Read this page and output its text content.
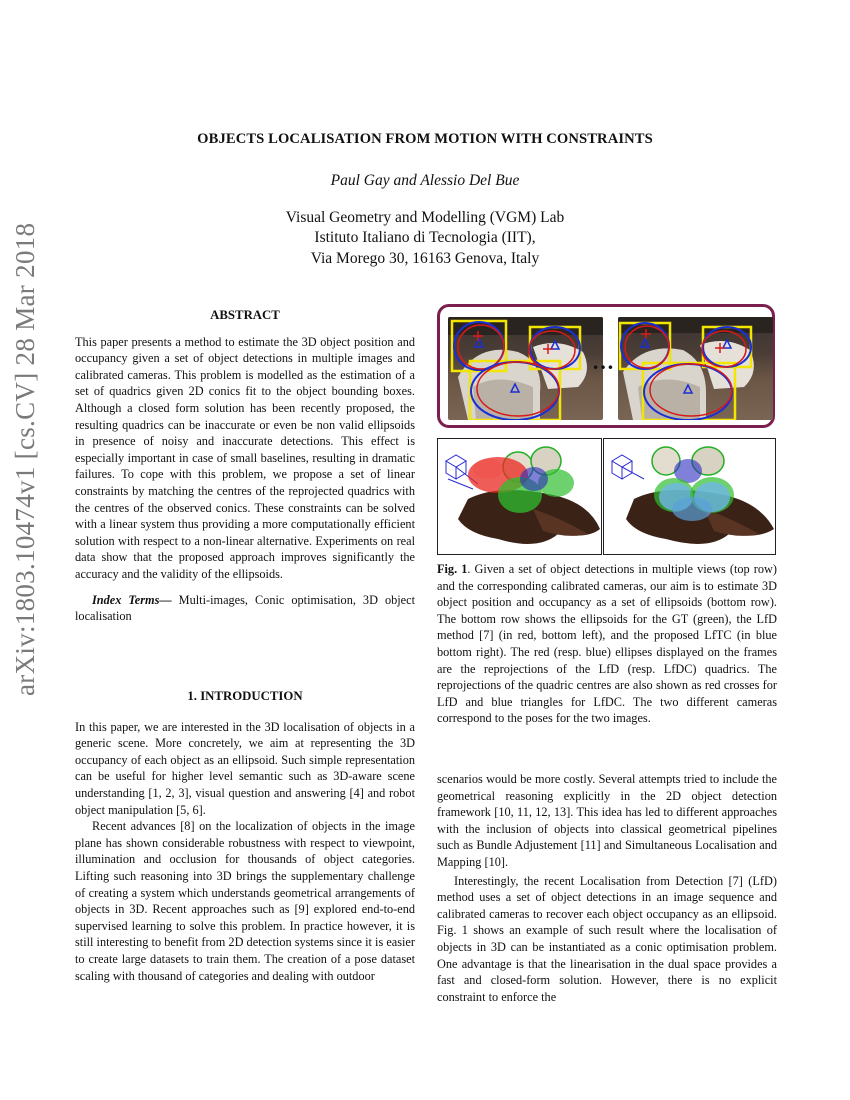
arXiv:1803.10474v1 [cs.CV] 28 Mar 2018
OBJECTS LOCALISATION FROM MOTION WITH CONSTRAINTS
Paul Gay and Alessio Del Bue
Visual Geometry and Modelling (VGM) Lab
Istituto Italiano di Tecnologia (IIT),
Via Morego 30, 16163 Genova, Italy
ABSTRACT

This paper presents a method to estimate the 3D object position and occupancy given a set of object detections in multiple images and calibrated cameras. This problem is modelled as the estimation of a set of quadrics given 2D conics fit to the object bounding boxes. Although a closed form solution has been recently proposed, the resulting quadrics can be inaccurate or even be non valid ellipsoids in presence of noisy and inaccurate detections. This effect is especially important in case of small baselines, resulting in dramatic failures. To cope with this problem, we propose a set of linear constraints by matching the centres of the reprojected quadrics with the centres of the observed conics. These constraints can be solved with a linear system thus providing a more computationally efficient solution with respect to a non-linear alternative. Experiments on real data show that the proposed approach improves significantly the accuracy and the validity of the ellipsoids.

Index Terms— Multi-images, Conic optimisation, 3D object localisation

1. INTRODUCTION

In this paper, we are interested in the 3D localisation of objects in a generic scene. More concretely, we aim at representing the 3D occupancy of each object as an ellipsoid. Such simple representation can be useful for higher level semantic such as 3D-aware scene understanding [1, 2, 3], visual question and answering [4] and robot object manipulation [5, 6].

Recent advances [8] on the localization of objects in the image plane has shown considerable robustness with respect to viewpoint, illumination and occlusion for thousands of object categories. Lifting such reasoning into 3D brings the supplementary challenge of creating a system which understands geometrical arrangements of objects in 3D. Recent approaches such as [9] explored end-to-end supervised learning to solve this problem. In practice however, it is still interesting to benefit from 2D detection systems since it is easier to create large datasets to train them. The creation of a pose dataset scaling with thousand of categories and dealing with outdoor

…

Fig. 1. Given a set of object detections in multiple views (top row) and the corresponding calibrated cameras, our aim is to estimate 3D object position and occupancy as a set of ellipsoids (bottom row). The bottom row shows the ellipsoids for the GT (green), the LfD method [7] (in red, bottom left), and the proposed LfTC (in blue bottom right). The red (resp. blue) ellipses displayed on the frames are the reprojections of the LfD (resp. LfDC) quadrics. The reprojections of the quadric centres are also shown as red crosses for LfD and blue triangles for LfDC. The two different cameras correspond to the poses for the two images.

scenarios would be more costly. Several attempts tried to include the geometrical reasoning explicitly in the 2D object detection framework [10, 11, 12, 13]. This idea has led to different approaches with the inclusion of objects into classical geometrical pipelines such as Bundle Adjustement [11] and Simultaneous Localisation and Mapping [10].

Interestingly, the recent Localisation from Detection [7] (LfD) method uses a set of object detections in an image sequence and calibrated cameras to recover each object occupancy as an ellipsoid. Fig. 1 shows an example of such result where the localisation of objects in 3D can be instantiated as a conic optimisation problem. One advantage is that the linearisation in the dual space provides a fast and closed-form solution. However, there is no explicit constraint to enforce the
